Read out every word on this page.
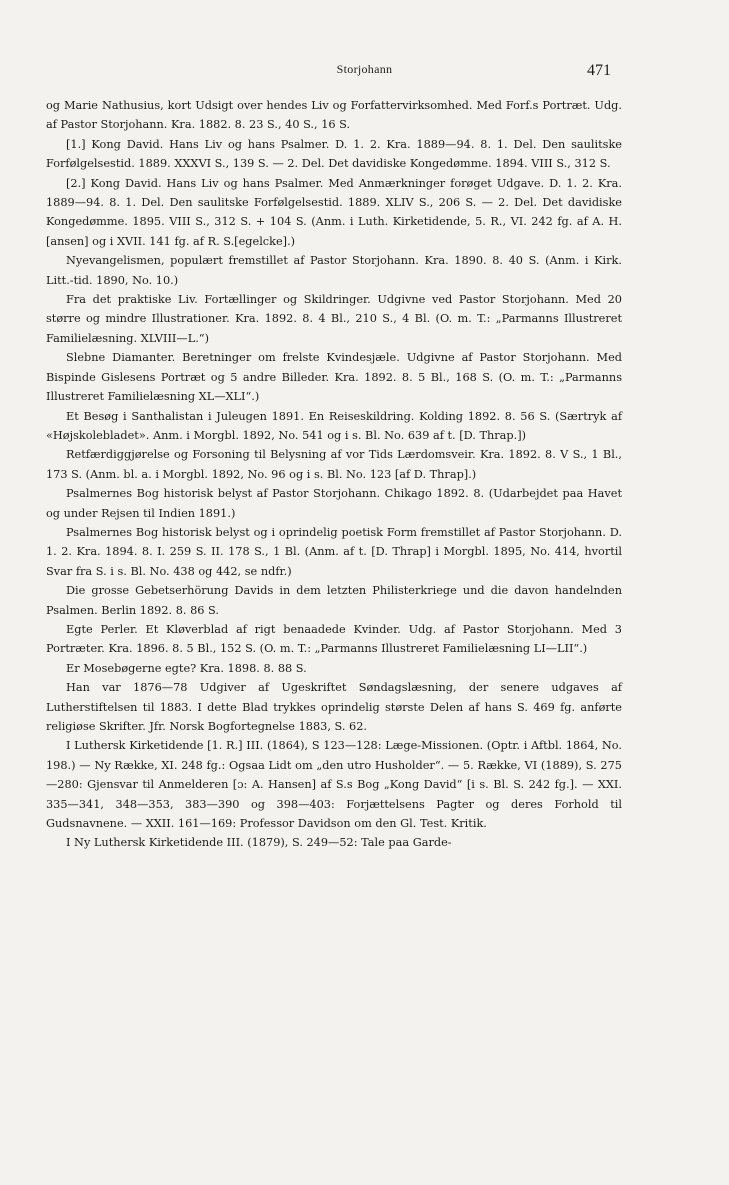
Storjohann	471

og Marie Nathusius, kort Udsigt over hendes Liv og Forfattervirksomhed. Med Forf.s Portræt. Udg. af Pastor Storjohann. Kra. 1882. 8. 23 S., 40 S., 16 S.

[1.] Kong David. Hans Liv og hans Psalmer. D. 1. 2. Kra. 1889—94. 8. 1. Del. Den saulitske Forfølgelsestid. 1889. XXXVI S., 139 S. — 2. Del. Det davidiske Kongedømme. 1894. VIII S., 312 S.

[2.] Kong David. Hans Liv og hans Psalmer. Med Anmærkninger forøget Udgave. D. 1. 2. Kra. 1889—94. 8. 1. Del. Den saulitske Forfølgelsestid. 1889. XLIV S., 206 S. — 2. Del. Det davidiske Kongedømme. 1895. VIII S., 312 S. + 104 S. (Anm. i Luth. Kirketidende, 5. R., VI. 242 fg. af A. H.[ansen] og i XVII. 141 fg. af R. S.[egelcke].)

Nyevangelismen, populært fremstillet af Pastor Storjohann. Kra. 1890. 8. 40 S. (Anm. i Kirk. Litt.-tid. 1890, No. 10.)

Fra det praktiske Liv. Fortællinger og Skildringer. Udgivne ved Pastor Storjohann. Med 20 større og mindre Illustrationer. Kra. 1892. 8. 4 Bl., 210 S., 4 Bl. (O. m. T.: „Parmanns Illustreret Familielæsning. XLVIII—L.“)

Slebne Diamanter. Beretninger om frelste Kvindesjæle. Udgivne af Pastor Storjohann. Med Bispinde Gislesens Portræt og 5 andre Billeder. Kra. 1892. 8. 5 Bl., 168 S. (O. m. T.: „Parmanns Illustreret Familielæsning XL—XLI“.)

Et Besøg i Santhalistan i Juleugen 1891. En Reiseskildring. Kolding 1892. 8. 56 S. (Særtryk af «Højskolebladet». Anm. i Morgbl. 1892, No. 541 og i s. Bl. No. 639 af t. [D. Thrap.])

Retfærdiggjørelse og Forsoning til Belysning af vor Tids Lærdomsveir. Kra. 1892. 8. V S., 1 Bl., 173 S. (Anm. bl. a. i Morgbl. 1892, No. 96 og i s. Bl. No. 123 [af D. Thrap].)

Psalmernes Bog historisk belyst af Pastor Storjohann. Chikago 1892. 8. (Udarbejdet paa Havet og under Rejsen til Indien 1891.)

Psalmernes Bog historisk belyst og i oprindelig poetisk Form fremstillet af Pastor Storjohann. D. 1. 2. Kra. 1894. 8. I. 259 S. II. 178 S., 1 Bl. (Anm. af t. [D. Thrap] i Morgbl. 1895, No. 414, hvortil Svar fra S. i s. Bl. No. 438 og 442, se ndfr.)

Die grosse Gebetserhörung Davids in dem letzten Philisterkriege und die davon handelnden Psalmen. Berlin 1892. 8. 86 S.

Egte Perler. Et Kløverblad af rigt benaadede Kvinder. Udg. af Pastor Storjohann. Med 3 Portræter. Kra. 1896. 8. 5 Bl., 152 S. (O. m. T.: „Parmanns Illustreret Familielæsning LI—LII“.)

Er Mosebøgerne egte? Kra. 1898. 8. 88 S.

Han var 1876—78 Udgiver af Ugeskriftet Søndagslæsning, der senere udgaves af Lutherstiftelsen til 1883. I dette Blad trykkes oprindelig størstе Delen af hans S. 469 fg. anførte religiøse Skrifter. Jfr. Norsk Bogfortegnelse 1883, S. 62.

I Luthersk Kirketidende [1. R.] III. (1864), S 123—128: Læge-Missionen. (Optr. i Aftbl. 1864, No. 198.) — Ny Række, XI. 248 fg.: Ogsaa Lidt om „den utro Husholder“. — 5. Række, VI (1889), S. 275—280: Gjensvar til Anmelderen [ɔ: A. Hansen] af S.s Bog „Kong David“ [i s. Bl. S. 242 fg.]. — XXI. 335—341, 348—353, 383—390 og 398—403: Forjættelsens Pagter og deres Forhold til Gudsnavnene. — XXII. 161—169: Professor Davidson om den Gl. Test. Kritik.

I Ny Luthersk Kirketidende III. (1879), S. 249—52: Tale paa Garde-
